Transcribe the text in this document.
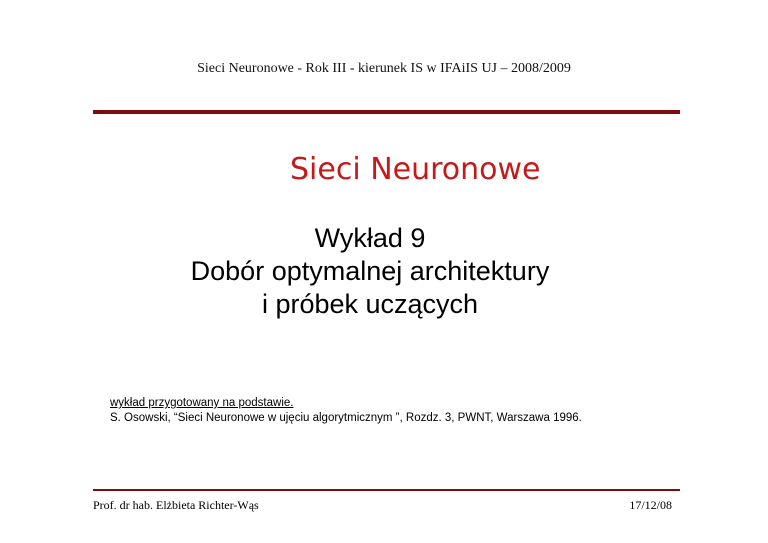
Sieci Neuronowe - Rok III - kierunek IS w IFAiIS UJ – 2008/2009
Sieci Neuronowe
Wykład 9
Dobór optymalnej architektury
i próbek uczących
wykład przygotowany na podstawie.
S. Osowski, “Sieci Neuronowe w ujęciu algorytmicznym ”, Rozdz. 3, PWNT, Warszawa 1996.
Prof. dr hab. Elżbieta Richter-Wąs	17/12/08
